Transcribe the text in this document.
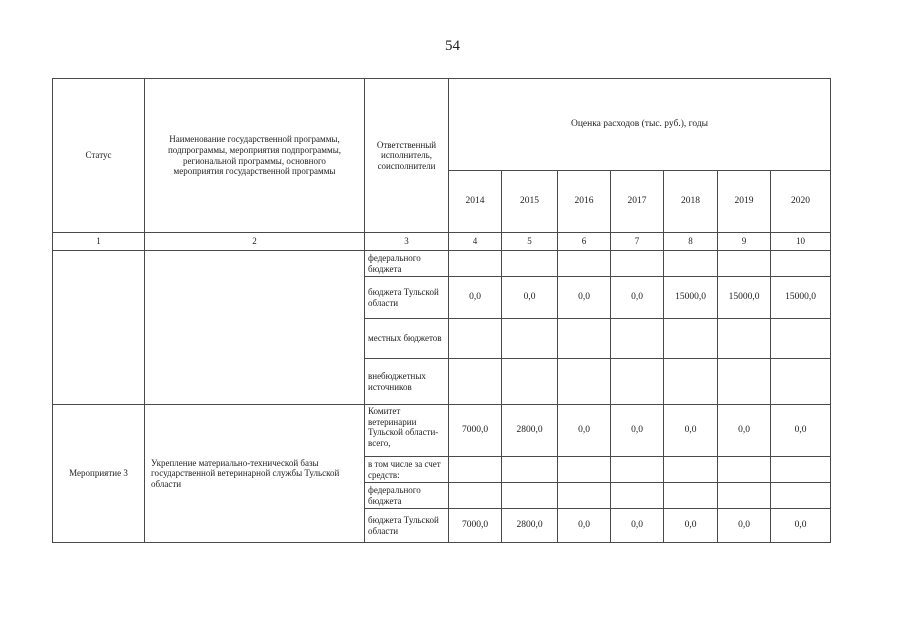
54
Статус	Наименование государственной программы, подпрограммы, мероприятия подпрограммы, региональной программы, основного мероприятия государственной программы	Ответственный исполнитель, соисполнители	Оценка расходов (тыс. руб.), годы						
			2014	2015	2016	2017	2018	2019	2020
1	2	3	4	5	6	7	8	9	10
		федерального бюджета							
		бюджета Тульской области	0,0	0,0	0,0	0,0	15000,0	15000,0	15000,0
		местных бюджетов							
		внебюджетных источников							
Мероприятие 3	Укрепление материально-технической базы государственной ветеринарной службы Тульской области	Комитет ветеринарии Тульской области- всего,	7000,0	2800,0	0,0	0,0	0,0	0,0	0,0
		в том числе за счет средств:							
		федерального бюджета							
		бюджета Тульской области	7000,0	2800,0	0,0	0,0	0,0	0,0	0,0
